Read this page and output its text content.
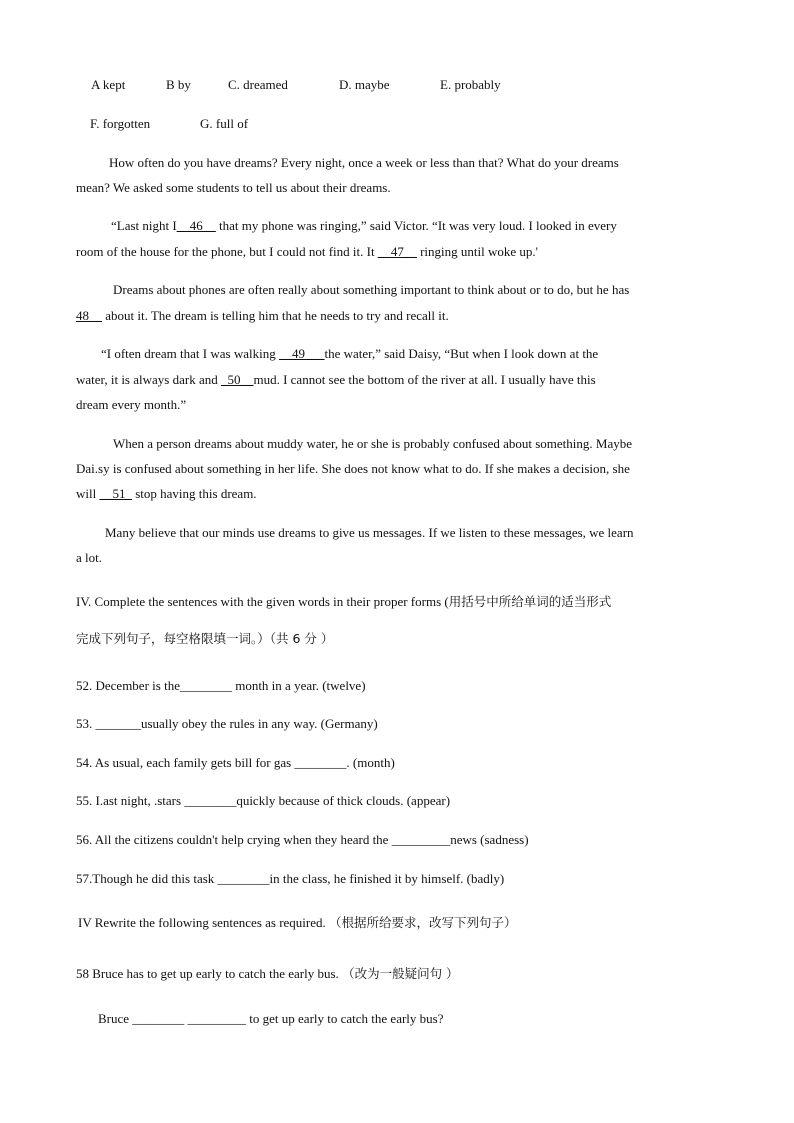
A kept	B by	C. dreamed	D. maybe	E. probably
F. forgotten	G. full of
How often do you have dreams? Every night, once a week or less than that? What do your dreams
mean? We asked some students to tell us about their dreams.
“Last night I__46__ that my phone was ringing,” said Victor. “It was very loud. I looked in every
room of the house for the phone, but I could not find it. It __47__ ringing until woke up.'
Dreams about phones are often really about something important to think about or to do, but he has
48__ about it. The dream is telling him that he needs to try and recall it.
“I often dream that I was walking __49___the water,” said Daisy, “But when I look down at the
water, it is always dark and _50__mud. I cannot see the bottom of the river at all. I usually have this
dream every month.”
When a person dreams about muddy water, he or she is probably confused about something. Maybe
Dai.sy is confused about something in her life. She does not know what to do. If she makes a decision, she
will __51_ stop having this dream.
Many believe that our minds use dreams to give us messages. If we listen to these messages, we learn
a lot.
IV. Complete the sentences with the given words in their proper forms (用括号中所给单词的适当形式
完成下列句子，每空格限填一词。）（共 6 分 ）
52. December is the________ month in a year. (twelve)
53. _______usually obey the rules in any way. (Germany)
54. As usual, each family gets bill for gas ________. (month)
55. I.ast night, .stars ________quickly because of thick clouds. (appear)
56. All the citizens couldn't help crying when they heard the _________news (sadness)
57.Though he did this task ________in the class, he finished it by himself. (badly)
IV Rewrite the following sentences as required. （根据所给要求，改写下列句子）
58 Bruce has to get up early to catch the early bus. （改为一般疑问句 ）
Bruce ________ _________ to get up early to catch the early bus?
